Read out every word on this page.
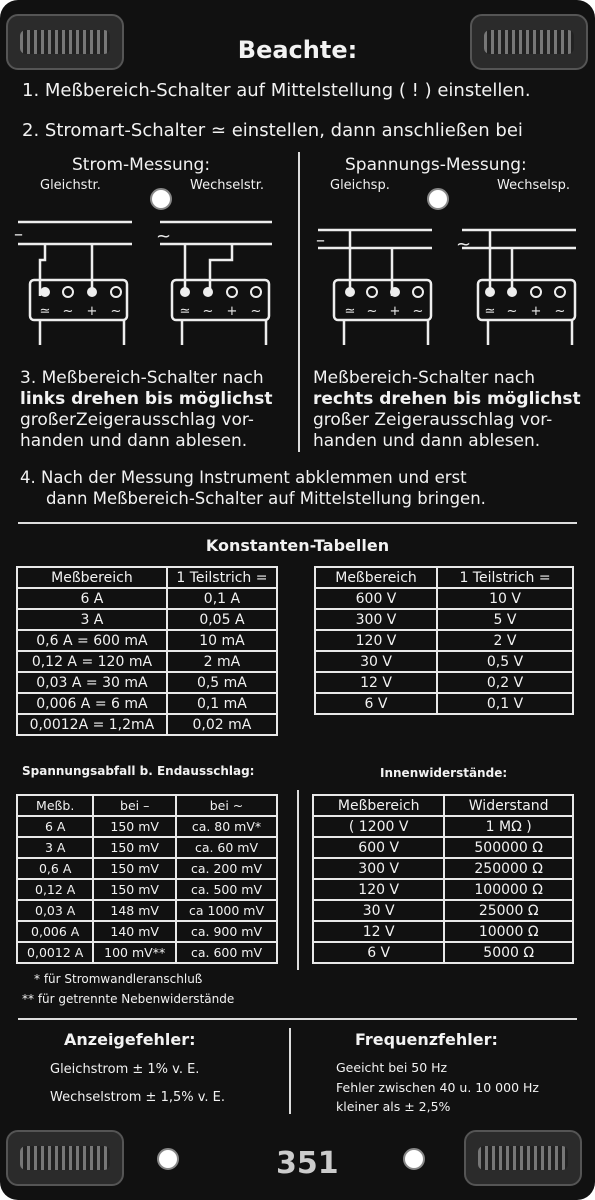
Beachte:
1. Meßbereich-Schalter auf Mittelstellung ( ! ) einstellen.
2. Stromart-Schalter ≃ einstellen, dann anschließen bei
Strom-Messung:
Gleichstr.	Wechselstr.
Spannungs-Messung:
Gleichsp.	Wechselsp.
–	~	–	~
≃ ~ + ~	≃ ~ + ~	≃ ~ + ~	≃ ~ + ~
3. Meßbereich-Schalter nach
links drehen bis möglichst
großerZeigerausschlag vor-
handen und dann ablesen.
Meßbereich-Schalter nach
rechts drehen bis möglichst
großer Zeigerausschlag vor-
handen und dann ablesen.
4. Nach der Messung Instrument abklemmen und erst
dann Meßbereich-Schalter auf Mittelstellung bringen.
Konstanten-Tabellen
Meßbereich	1 Teilstrich =
6 A	0,1 A
3 A	0,05 A
0,6 A = 600 mA	10 mA
0,12 A = 120 mA	2 mA
0,03 A = 30 mA	0,5 mA
0,006 A = 6 mA	0,1 mA
0,0012A = 1,2mA	0,02 mA
Meßbereich	1 Teilstrich =
600 V	10 V
300 V	5 V
120 V	2 V
30 V	0,5 V
12 V	0,2 V
6 V	0,1 V
Spannungsabfall b. Endausschlag:	Innenwiderstände:
Meßb.	bei –	bei ~
6 A	150 mV	ca. 80 mV*
3 A	150 mV	ca. 60 mV
0,6 A	150 mV	ca. 200 mV
0,12 A	150 mV	ca. 500 mV
0,03 A	148 mV	ca 1000 mV
0,006 A	140 mV	ca. 900 mV
0,0012 A	100 mV**	ca. 600 mV
Meßbereich	Widerstand
( 1200 V	1 MΩ )
600 V	500000 Ω
300 V	250000 Ω
120 V	100000 Ω
30 V	25000 Ω
12 V	10000 Ω
6 V	5000 Ω
* für Stromwandleranschluß
** für getrennte Nebenwiderstände
Anzeigefehler:
Gleichstrom ± 1% v. E.
Wechselstrom ± 1,5% v. E.
Frequenzfehler:
Geeicht bei 50 Hz
Fehler zwischen 40 u. 10 000 Hz
kleiner als ± 2,5%
351
